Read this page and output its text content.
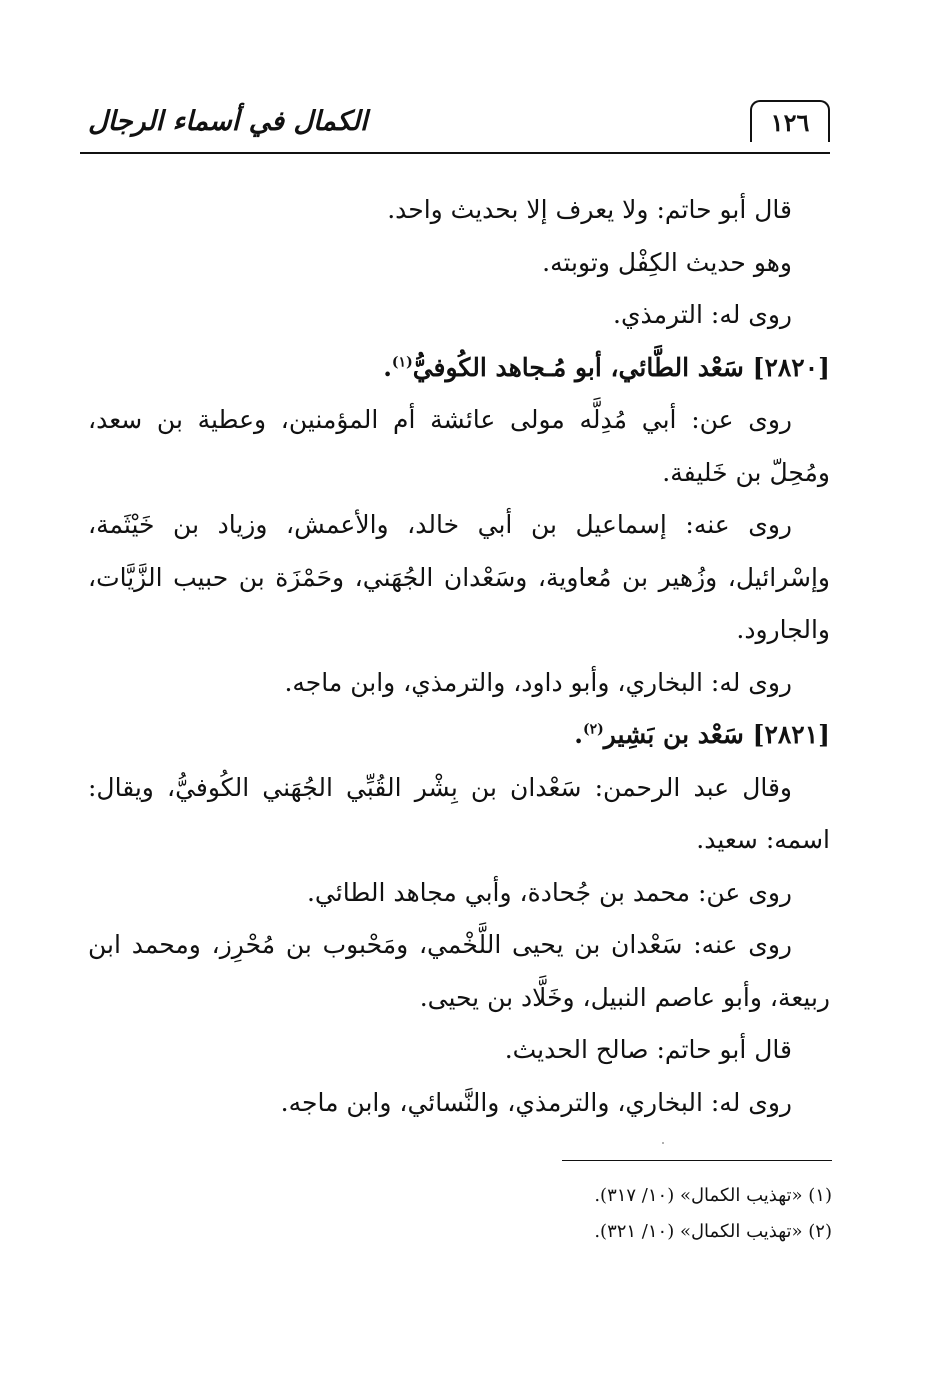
الكمال في أسماء الرجال	١٢٦

قال أبو حاتم: ولا يعرف إلا بحديث واحد.

وهو حديث الكِفْل وتوبته.

روى له: الترمذي.

[٢٨٢٠] سَعْد الطَّائي، أبو مُـجاهد الكُوفيُّ$^{(١)}$.

روى عن: أبي مُدِلَّه مولى عائشة أم المؤمنين، وعطية بن سعد، ومُحِلّ بن خَليفة.

روى عنه: إسماعيل بن أبي خالد، والأعمش، وزياد بن خَيْثَمة، وإسْرائيل، وزُهير بن مُعاوية، وسَعْدان الجُهَني، وحَمْزَة بن حبيب الزَّيَّات، والجارود.

روى له: البخاري، وأبو داود، والترمذي، وابن ماجه.

[٢٨٢١] سَعْد بن بَشِير$^{(٢)}$.

وقال عبد الرحمن: سَعْدان بن بِشْر القُبِّي الجُهَني الكُوفيُّ، ويقال: اسمه: سعيد.

روى عن: محمد بن جُحادة، وأبي مجاهد الطائي.

روى عنه: سَعْدان بن يحيى اللَّخْمي، ومَحْبوب بن مُحْرِز، ومحمد ابن ربيعة، وأبو عاصم النبيل، وخَلَّاد بن يحيى.

قال أبو حاتم: صالح الحديث.

روى له: البخاري، والترمذي، والنَّسائي، وابن ماجه.

(١) «تهذيب الكمال» (١٠/ ٣١٧).

(٢) «تهذيب الكمال» (١٠/ ٣٢١).
